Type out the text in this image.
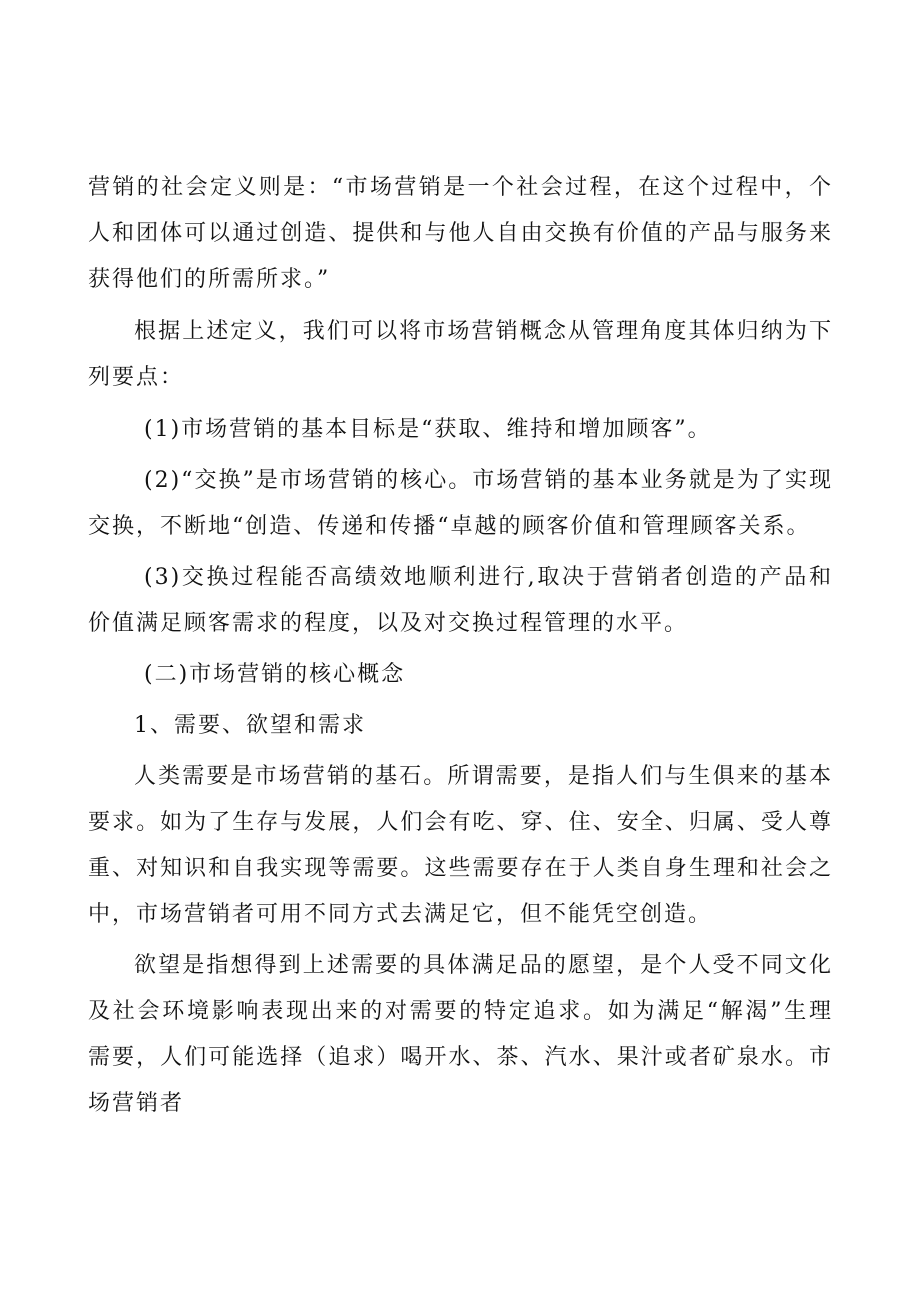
营销的社会定义则是：“市场营销是一个社会过程，在这个过程中，个人和团体可以通过创造、提供和与他人自由交换有价值的产品与服务来获得他们的所需所求。”

根据上述定义，我们可以将市场营销概念从管理角度其体归纳为下列要点：

(1)市场营销的基本目标是“获取、维持和增加顾客”。

(2)“交换”是市场营销的核心。市场营销的基本业务就是为了实现交换，不断地“创造、传递和传播“卓越的顾客价值和管理顾客关系。

(3)交换过程能否高绩效地顺利进行,取决于营销者创造的产品和价值满足顾客需求的程度，以及对交换过程管理的水平。

(二)市场营销的核心概念

1、需要、欲望和需求

人类需要是市场营销的基石。所谓需要，是指人们与生俱来的基本要求。如为了生存与发展，人们会有吃、穿、住、安全、归属、受人尊重、对知识和自我实现等需要。这些需要存在于人类自身生理和社会之中，市场营销者可用不同方式去满足它，但不能凭空创造。

欲望是指想得到上述需要的具体满足品的愿望，是个人受不同文化及社会环境影响表现出来的对需要的特定追求。如为满足“解渴”生理需要，人们可能选择（追求）喝开水、茶、汽水、果汁或者矿泉水。市场营销者
